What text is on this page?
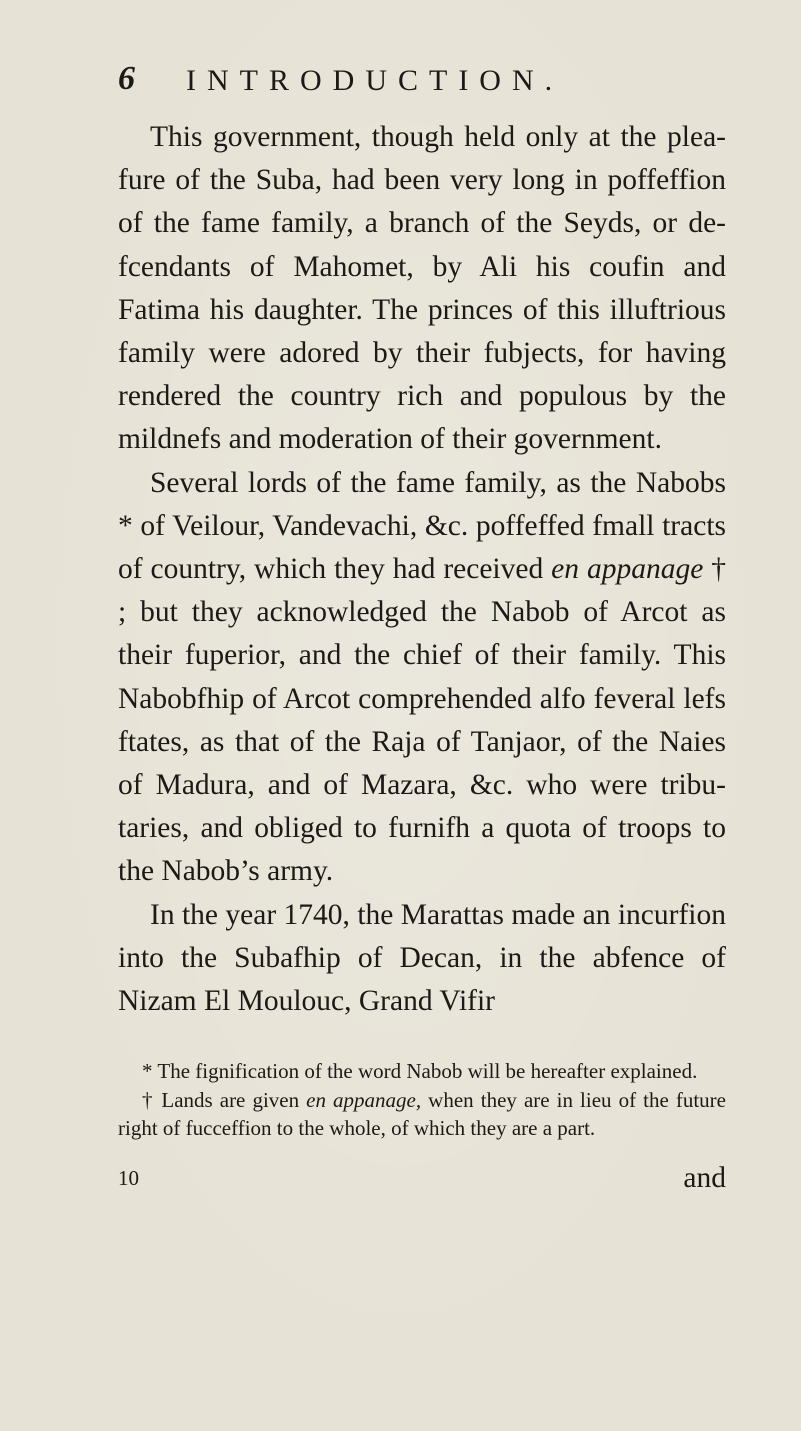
6 INTRODUCTION.

This government, though held only at the pleafure of the Suba, had been very long in poffeffion of the fame family, a branch of the Seyds, or defcendants of Mahomet, by Ali his coufin and Fatima his daughter. The princes of this illuftrious family were adored by their fubjects, for having rendered the country rich and populous by the mildnefs and moderation of their government.

Several lords of the fame family, as the Nabobs * of Veilour, Vandevachi, &c. poffeffed fmall tracts of country, which they had received en appanage † ; but they acknowledged the Nabob of Arcot as their fuperior, and the chief of their family. This Nabobfhip of Arcot comprehended alfo feveral lefs ftates, as that of the Raja of Tanjaor, of the Naies of Madura, and of Mazara, &c. who were tributaries, and obliged to furnifh a quota of troops to the Nabob’s army.

In the year 1740, the Marattas made an incurfion into the Subafhip of Decan, in the abfence of Nizam El Moulouc, Grand Vifir

* The fignification of the word Nabob will be hereafter explained.

† Lands are given en appanage, when they are in lieu of the future right of fucceffion to the whole, of which they are a part.

10	and
